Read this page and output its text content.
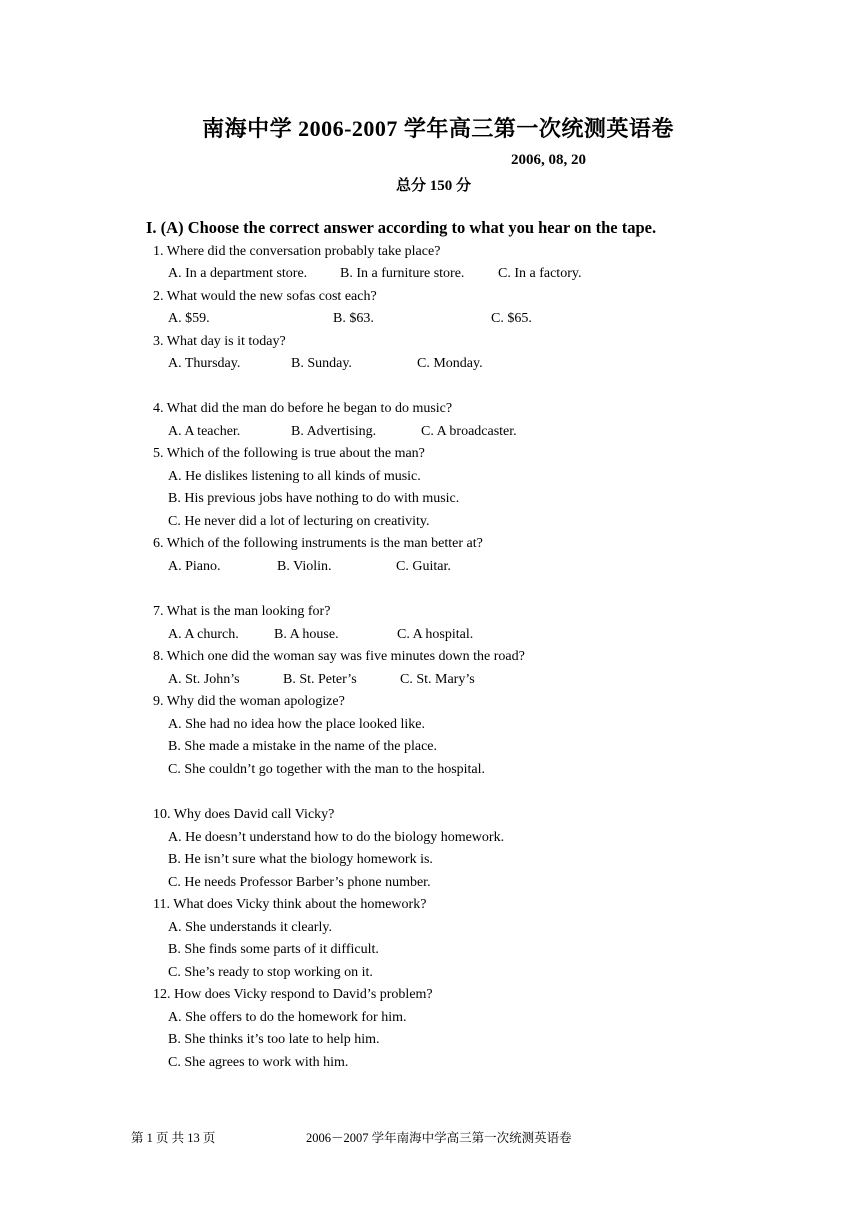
南海中学 2006-2007 学年高三第一次统测英语卷
2006, 08, 20
总分 150 分
I. (A) Choose the correct answer according to what you hear on the tape.
1. Where did the conversation probably take place?
A. In a department store. B. In a furniture store. C. In a factory.
2. What would the new sofas cost each?
A. $59.	B. $63.	C. $65.
3. What day is it today?
A. Thursday.	B. Sunday.	C. Monday.
4. What did the man do before he began to do music?
A. A teacher.	B. Advertising.	C. A broadcaster.
5. Which of the following is true about the man?
A. He dislikes listening to all kinds of music.
B. His previous jobs have nothing to do with music.
C. He never did a lot of lecturing on creativity.
6. Which of the following instruments is the man better at?
A. Piano.	B. Violin.	C. Guitar.
7. What is the man looking for?
A. A church.	B. A house.	C. A hospital.
8. Which one did the woman say was five minutes down the road?
A. St. John’s	B. St. Peter’s	C. St. Mary’s
9. Why did the woman apologize?
A. She had no idea how the place looked like.
B. She made a mistake in the name of the place.
C. She couldn’t go together with the man to the hospital.
10. Why does David call Vicky?
A. He doesn’t understand how to do the biology homework.
B. He isn’t sure what the biology homework is.
C. He needs Professor Barber’s phone number.
11. What does Vicky think about the homework?
A. She understands it clearly.
B. She finds some parts of it difficult.
C. She’s ready to stop working on it.
12. How does Vicky respond to David’s problem?
A. She offers to do the homework for him.
B. She thinks it’s too late to help him.
C. She agrees to work with him.
第 1 页 共 13 页	2006－2007 学年南海中学高三第一次统测英语卷
